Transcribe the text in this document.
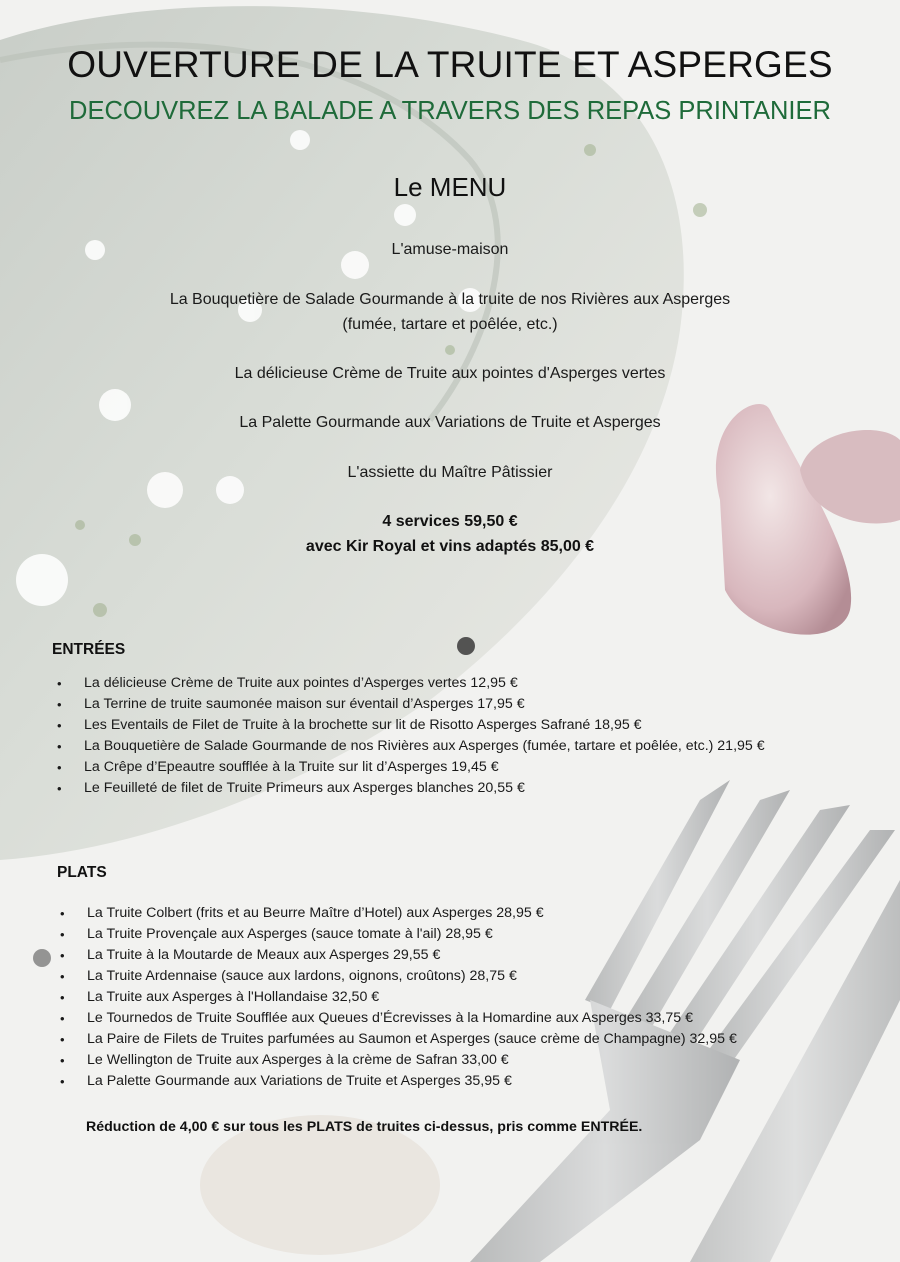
OUVERTURE DE LA TRUITE ET ASPERGES
DECOUVREZ LA BALADE A TRAVERS DES REPAS PRINTANIER
Le MENU
L'amuse-maison
La Bouquetière de Salade Gourmande à la truite de nos Rivières aux Asperges
(fumée, tartare et poêlée, etc.)
La délicieuse Crème de Truite aux pointes d'Asperges vertes
La Palette Gourmande aux Variations de Truite et Asperges
L'assiette du Maître Pâtissier
4 services 59,50 €
avec Kir Royal et vins adaptés 85,00 €
ENTRÉES
• La délicieuse Crème de Truite aux pointes d’Asperges vertes 12,95 €
• La Terrine de truite saumonée maison sur éventail d’Asperges 17,95 €
• Les Eventails de Filet de Truite à la brochette sur lit de Risotto Asperges Safrané 18,95 €
• La Bouquetière de Salade Gourmande de nos Rivières aux Asperges (fumée, tartare et poêlée, etc.) 21,95 €
• La Crêpe d’Epeautre soufflée à la Truite sur lit d’Asperges 19,45 €
• Le Feuilleté de filet de Truite Primeurs aux Asperges blanches 20,55 €
PLATS
• La Truite Colbert (frits et au Beurre Maître d’Hotel) aux Asperges 28,95 €
• La Truite Provençale aux Asperges (sauce tomate à l'ail) 28,95 €
• La Truite à la Moutarde de Meaux aux Asperges 29,55 €
• La Truite Ardennaise (sauce aux lardons, oignons, croûtons) 28,75 €
• La Truite aux Asperges à l'Hollandaise 32,50 €
• Le Tournedos de Truite Soufflée aux Queues d’Écrevisses à la Homardine aux Asperges 33,75 €
• La Paire de Filets de Truites parfumées au Saumon et Asperges (sauce crème de Champagne) 32,95 €
• Le Wellington de Truite aux Asperges à la crème de Safran 33,00 €
• La Palette Gourmande aux Variations de Truite et Asperges 35,95 €
Réduction de 4,00 € sur tous les PLATS de truites ci-dessus, pris comme ENTRÉE.
